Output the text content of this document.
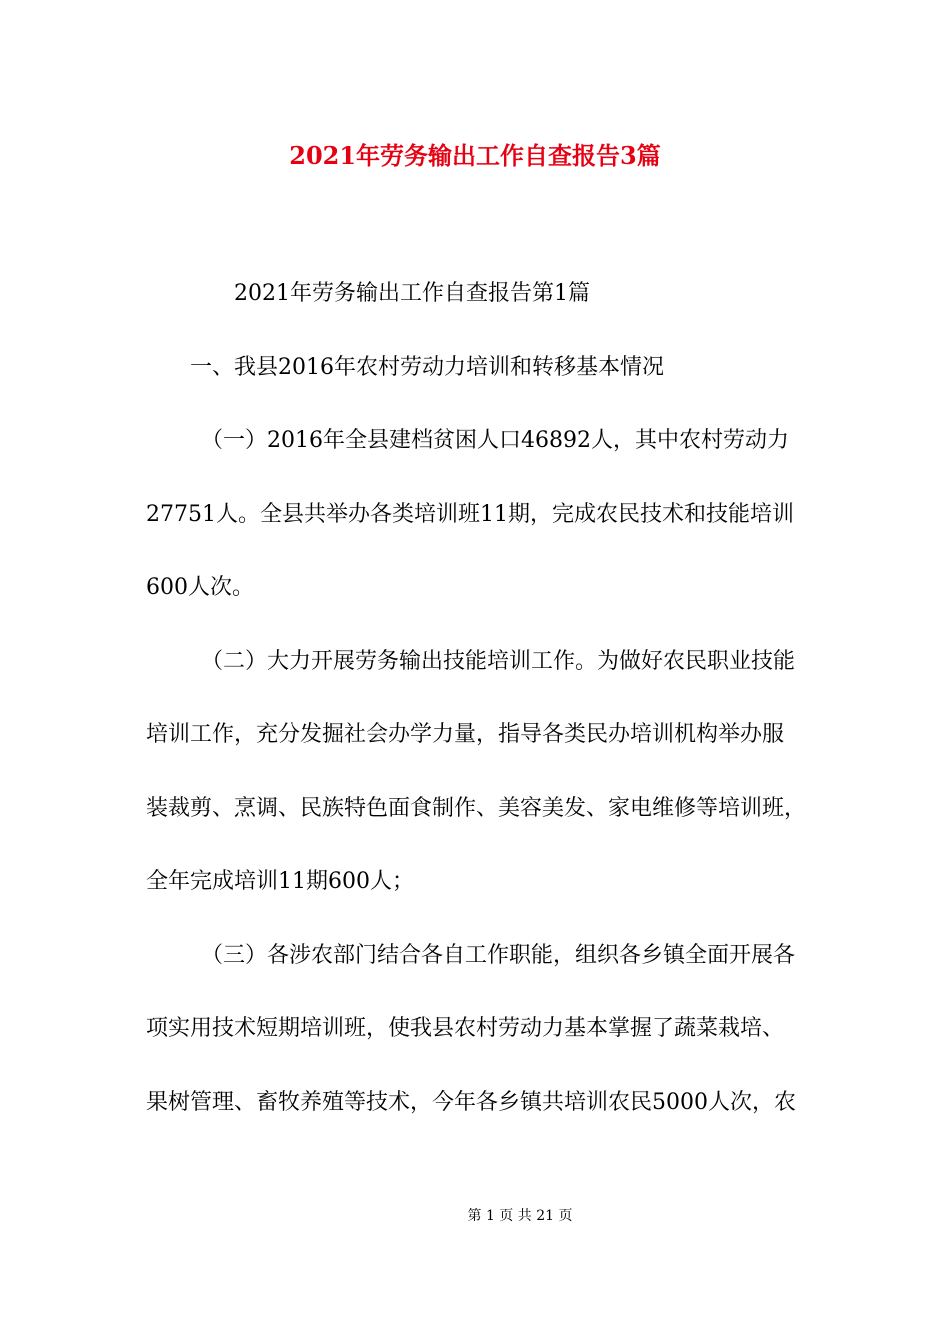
2021年劳务输出工作自查报告3篇
2021年劳务输出工作自查报告第1篇
一、我县2016年农村劳动力培训和转移基本情况
（一）2016年全县建档贫困人口46892人，其中农村劳动力
27751人。全县共举办各类培训班11期，完成农民技术和技能培训
600人次。
（二）大力开展劳务输出技能培训工作。为做好农民职业技能
培训工作，充分发掘社会办学力量，指导各类民办培训机构举办服
装裁剪、烹调、民族特色面食制作、美容美发、家电维修等培训班，
全年完成培训11期600人；
（三）各涉农部门结合各自工作职能，组织各乡镇全面开展各
项实用技术短期培训班，使我县农村劳动力基本掌握了蔬菜栽培、
果树管理、畜牧养殖等技术，今年各乡镇共培训农民5000人次，农
第 1 页 共 21 页
